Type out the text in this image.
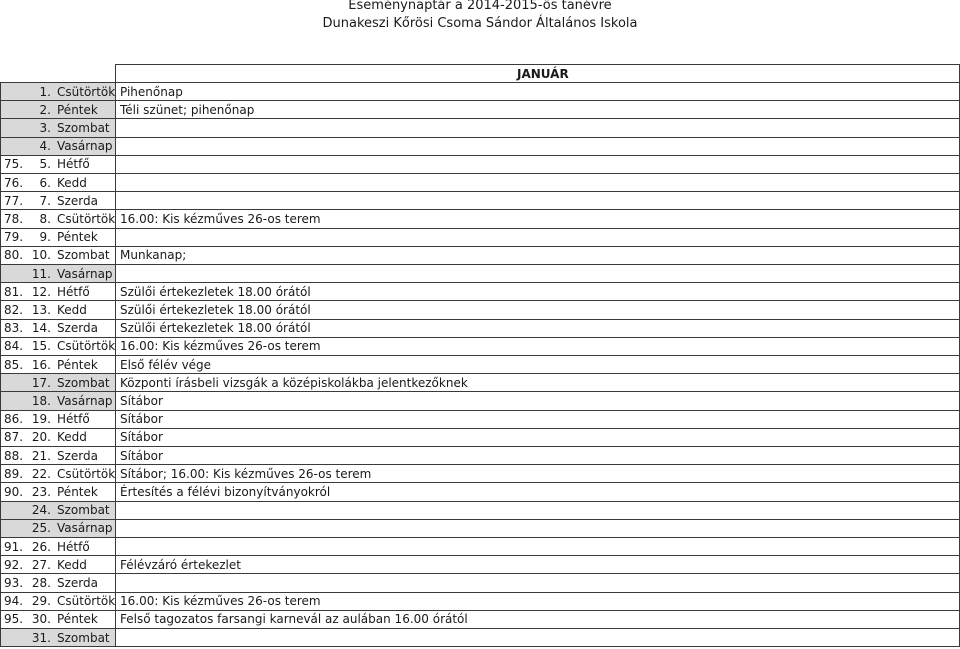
Eseménynaptár a 2014-2015-ös tanévre
Dunakeszi Kőrösi Csoma Sándor Általános Iskola
JANUÁR
1. Csütörtök Pihenőnap
2. Péntek Téli szünet; pihenőnap
3. Szombat
4. Vasárnap
75.	5. Hétfő
76.	6. Kedd
77.	7. Szerda
78.	8. Csütörtök 16.00: Kis kézműves 26-os terem
79.	9. Péntek
80. 10. Szombat Munkanap;
11. Vasárnap
81. 12. Hétfő	Szülői értekezletek 18.00 órától
82. 13. Kedd	Szülői értekezletek 18.00 órától
83. 14. Szerda Szülői értekezletek 18.00 órától
84. 15. Csütörtök 16.00: Kis kézműves 26-os terem
85. 16. Péntek Első félév vége
17. Szombat Központi írásbeli vizsgák a középiskolákba jelentkezőknek
18. Vasárnap Sítábor
86. 19. Hétfő	Sítábor
87. 20. Kedd	Sítábor
88. 21. Szerda Sítábor
89. 22. Csütörtök Sítábor; 16.00: Kis kézműves 26-os terem
90. 23. Péntek Értesítés a félévi bizonyítványokról
24. Szombat
25. Vasárnap
91. 26. Hétfő
92. 27. Kedd	Félévzáró értekezlet
93. 28. Szerda
94. 29. Csütörtök 16.00: Kis kézműves 26-os terem
95. 30. Péntek Felső tagozatos farsangi karnevál az aulában 16.00 órától
31. Szombat
